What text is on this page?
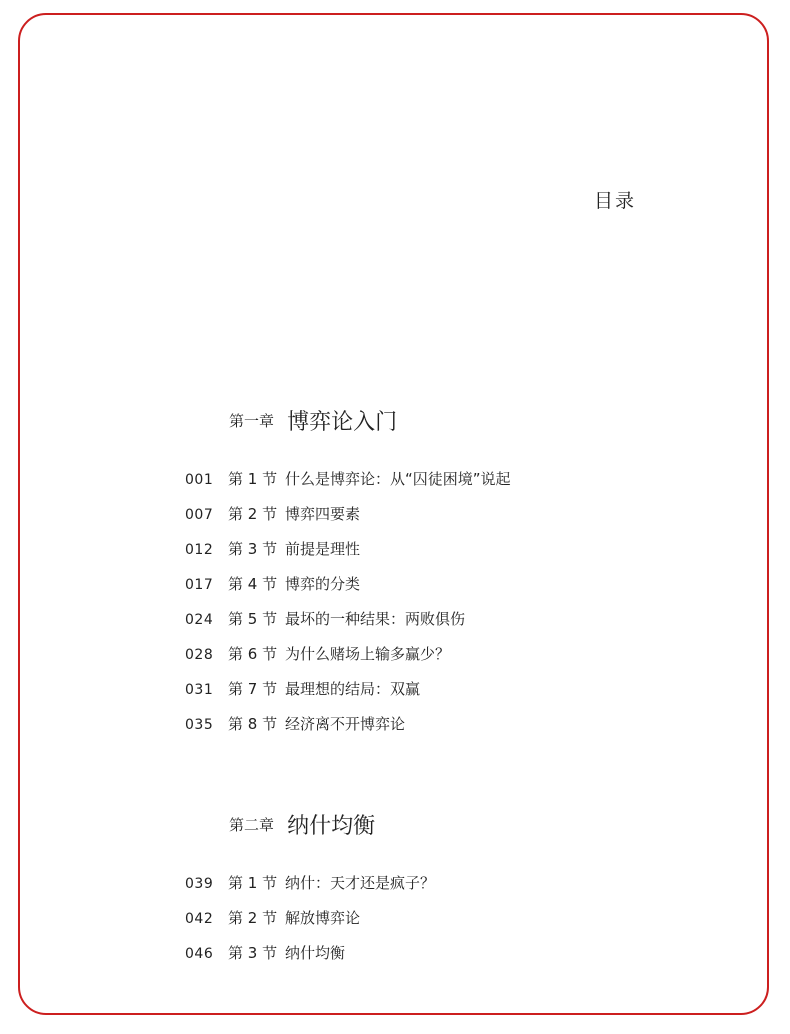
目录
第一章 博弈论入门
001 第 1 节 什么是博弈论：从“囚徒困境”说起
007 第 2 节 博弈四要素
012 第 3 节 前提是理性
017 第 4 节 博弈的分类
024 第 5 节 最坏的一种结果：两败俱伤
028 第 6 节 为什么赌场上输多赢少？
031 第 7 节 最理想的结局：双赢
035 第 8 节 经济离不开博弈论
第二章 纳什均衡
039 第 1 节 纳什：天才还是疯子？
042 第 2 节 解放博弈论
046 第 3 节 纳什均衡
